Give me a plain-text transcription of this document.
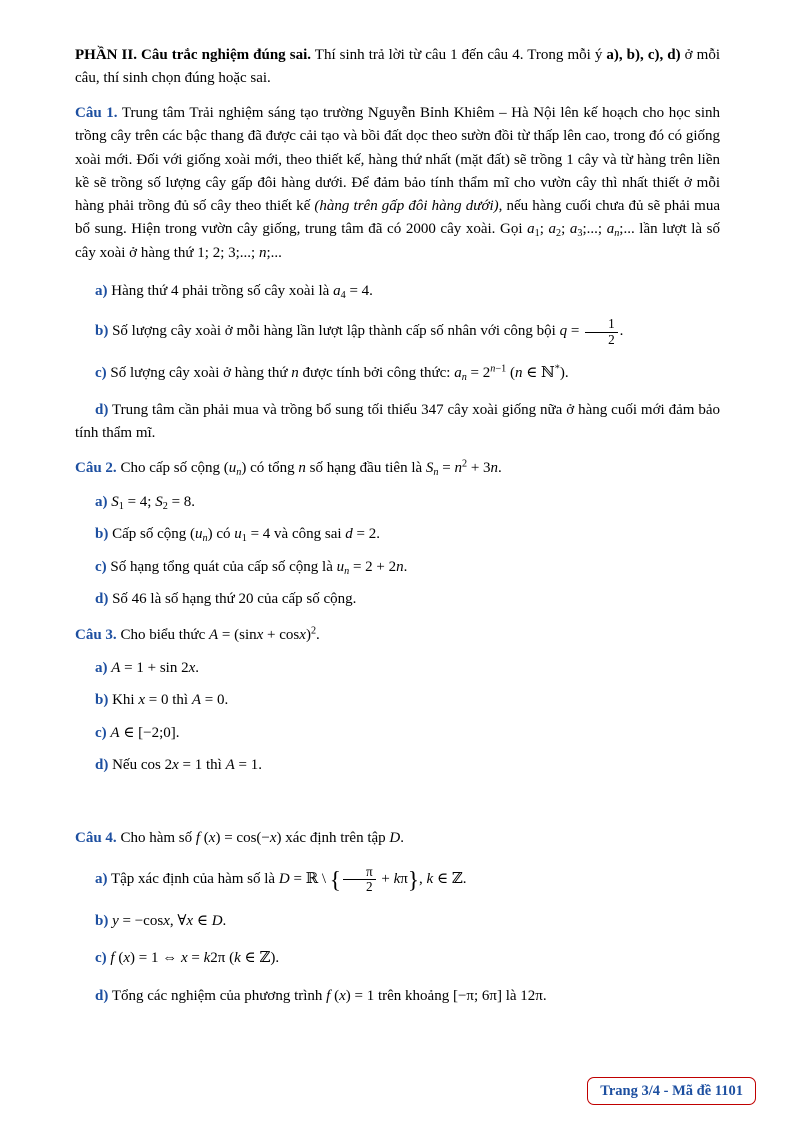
PHẦN II. Câu trắc nghiệm đúng sai. Thí sinh trả lời từ câu 1 đến câu 4. Trong mỗi ý a), b), c), d) ở mỗi câu, thí sinh chọn đúng hoặc sai.

Câu 1. Trung tâm Trải nghiệm sáng tạo trường Nguyễn Bỉnh Khiêm – Hà Nội lên kế hoạch cho học sinh trồng cây trên các bậc thang đã được cải tạo và bồi đất dọc theo sườn đồi từ thấp lên cao, trong đó có giống xoài mới. Đối với giống xoài mới, theo thiết kế, hàng thứ nhất (mặt đất) sẽ trồng 1 cây và từ hàng trên liền kề sẽ trồng số lượng cây gấp đôi hàng dưới. Để đảm bảo tính thẩm mĩ cho vườn cây thì nhất thiết ở mỗi hàng phải trồng đủ số cây theo thiết kế (hàng trên gấp đôi hàng dưới), nếu hàng cuối chưa đủ sẽ phải mua bổ sung. Hiện trong vườn cây giống, trung tâm đã có 2000 cây xoài. Gọi $a_1$; $a_2$; $a_3$;...; $a_n$;... lần lượt là số cây xoài ở hàng thứ 1; 2; 3;...; n;...

a) Hàng thứ 4 phải trồng số cây xoài là $a_4 = 4$.

b) Số lượng cây xoài ở mỗi hàng lần lượt lập thành cấp số nhân với công bội $q = \frac{1}{2}$ .

c) Số lượng cây xoài ở hàng thứ n được tính bởi công thức: $a_n = 2^{n-1}$ (n ∈ ℕ*).

d) Trung tâm cần phải mua và trồng bổ sung tối thiểu 347 cây xoài giống nữa ở hàng cuối mới đảm bảo tính thẩm mĩ.

Câu 2. Cho cấp số cộng $(u_n)$ có tổng n số hạng đầu tiên là $S_n = n^2 + 3n$.

a) $S_1 = 4$; $S_2 = 8$.

b) Cấp số cộng $(u_n)$ có $u_1 = 4$ và công sai d = 2.

c) Số hạng tổng quát của cấp số cộng là $u_n = 2 + 2n$.

d) Số 46 là số hạng thứ 20 của cấp số cộng.

Câu 3. Cho biểu thức $A = (\sin x + \cos x)^2$.

a) A = 1 + sin 2x.

b) Khi x = 0 thì A = 0.

c) A ∈ [−2;0].

d) Nếu cos 2x = 1 thì A = 1.

Câu 4. Cho hàm số f (x) = cos(−x) xác định trên tập D.

a) Tập xác định của hàm số là D = ℝ \ { $\frac{\pi}{2} + k\pi$}, k ∈ ℤ.

b) y = −cosx, ∀x ∈ D.

c) f (x) = 1 ⇔ x = k2π (k ∈ ℤ).

d) Tổng các nghiệm của phương trình f (x) = 1 trên khoảng [−π; 6π] là 12π.

Trang 3/4 - Mã đề 1101
